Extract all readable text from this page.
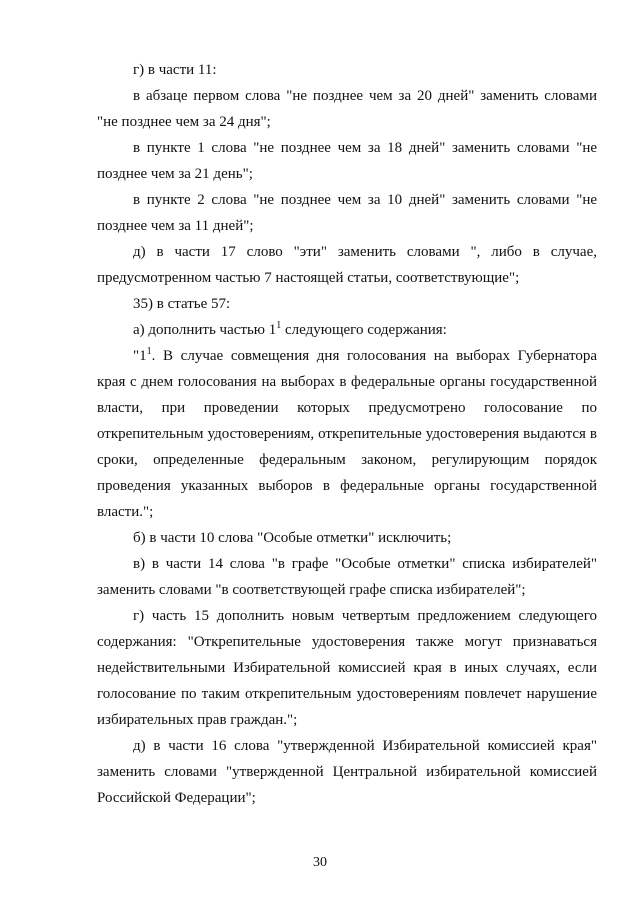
г) в части 11:

в абзаце первом слова "не позднее чем за 20 дней" заменить словами "не позднее чем за 24 дня";

в пункте 1 слова "не позднее чем за 18 дней" заменить словами "не позднее чем за 21 день";

в пункте 2 слова "не позднее чем за 10 дней" заменить словами "не позднее чем за 11 дней";

д) в части 17 слово "эти" заменить словами ", либо в случае, предусмотренном частью 7 настоящей статьи, соответствующие";

35) в статье 57:

а) дополнить частью $1^1$ следующего содержания:

"$1^1$. В случае совмещения дня голосования на выборах Губернатора края с днем голосования на выборах в федеральные органы государственной власти, при проведении которых предусмотрено голосование по открепительным удостоверениям, открепительные удостоверения выдаются в сроки, определенные федеральным законом, регулирующим порядок проведения указанных выборов в федеральные органы государственной власти.";

б) в части 10 слова "Особые отметки" исключить;

в) в части 14 слова "в графе "Особые отметки" списка избирателей" заменить словами "в соответствующей графе списка избирателей";

г) часть 15 дополнить новым четвертым предложением следующего содержания: "Открепительные удостоверения также могут признаваться недействительными Избирательной комиссией края в иных случаях, если голосование по таким открепительным удостоверениям повлечет нарушение избирательных прав граждан.";

д) в части 16 слова "утвержденной Избирательной комиссией края" заменить словами "утвержденной Центральной избирательной комиссией Российской Федерации";

30
